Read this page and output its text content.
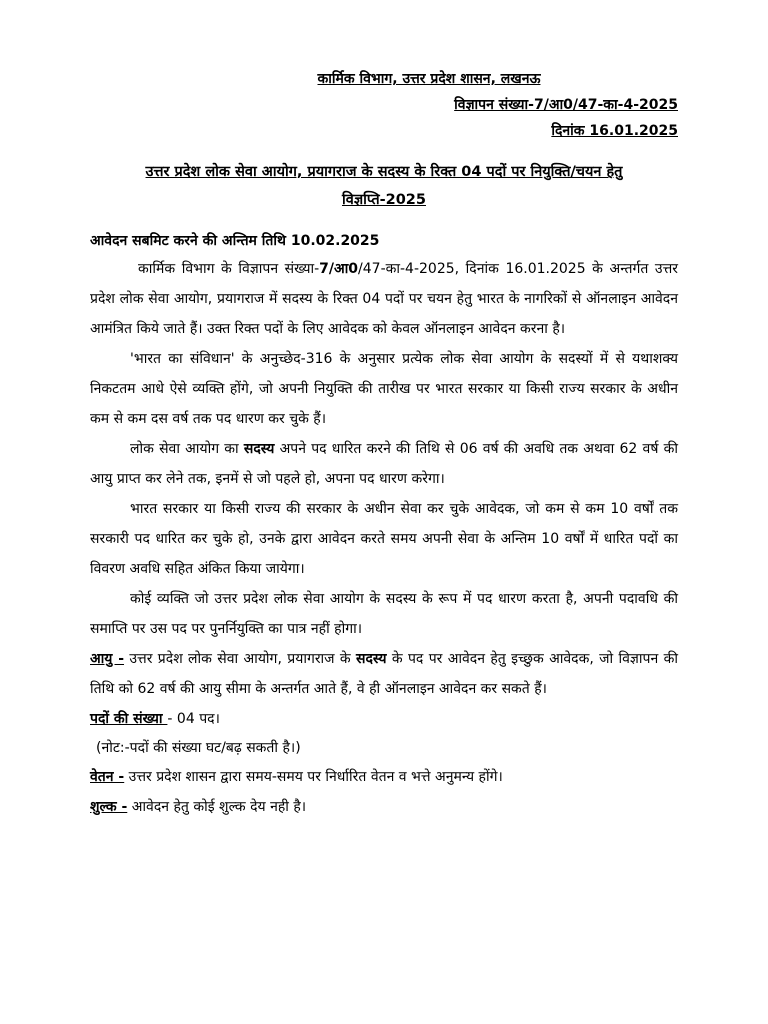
कार्मिक विभाग, उत्तर प्रदेश शासन, लखनऊ
विज्ञापन संख्या-7/आ0/47-का-4-2025
दिनांक 16.01.2025
उत्तर प्रदेश लोक सेवा आयोग, प्रयागराज के सदस्य के रिक्त 04 पदों पर नियुक्ति/चयन हेतु
विज्ञप्ति-2025
आवेदन सबमिट करने की अन्तिम तिथि 10.02.2025
कार्मिक विभाग के विज्ञापन संख्या-7/आ0/47-का-4-2025, दिनांक 16.01.2025 के अन्तर्गत उत्तर प्रदेश लोक सेवा आयोग, प्रयागराज में सदस्य के रिक्त 04 पदों पर चयन हेतु भारत के नागरिकों से ऑनलाइन आवेदन आमंत्रित किये जाते हैं। उक्त रिक्त पदों के लिए आवेदक को केवल ऑनलाइन आवेदन करना है।
'भारत का संविधान' के अनुच्छेद-316 के अनुसार प्रत्येक लोक सेवा आयोग के सदस्यों में से यथाशक्य निकटतम आधे ऐसे व्यक्ति होंगे, जो अपनी नियुक्ति की तारीख पर भारत सरकार या किसी राज्य सरकार के अधीन कम से कम दस वर्ष तक पद धारण कर चुके हैं।
लोक सेवा आयोग का सदस्य अपने पद धारित करने की तिथि से 06 वर्ष की अवधि तक अथवा 62 वर्ष की आयु प्राप्त कर लेने तक, इनमें से जो पहले हो, अपना पद धारण करेगा।
भारत सरकार या किसी राज्य की सरकार के अधीन सेवा कर चुके आवेदक, जो कम से कम 10 वर्षों तक सरकारी पद धारित कर चुके हो, उनके द्वारा आवेदन करते समय अपनी सेवा के अन्तिम 10 वर्षों में धारित पदों का विवरण अवधि सहित अंकित किया जायेगा।
कोई व्यक्ति जो उत्तर प्रदेश लोक सेवा आयोग के सदस्य के रूप में पद धारण करता है, अपनी पदावधि की समाप्ति पर उस पद पर पुनर्नियुक्ति का पात्र नहीं होगा।
आयु - उत्तर प्रदेश लोक सेवा आयोग, प्रयागराज के सदस्य के पद पर आवेदन हेतु इच्छुक आवेदक, जो विज्ञापन की तिथि को 62 वर्ष की आयु सीमा के अन्तर्गत आते हैं, वे ही ऑनलाइन आवेदन कर सकते हैं।
पदों की संख्या - 04 पद।
(नोट:-पदों की संख्या घट/बढ़ सकती है।)
वेतन - उत्तर प्रदेश शासन द्वारा समय-समय पर निर्धारित वेतन व भत्ते अनुमन्य होंगे।
शुल्क - आवेदन हेतु कोई शुल्क देय नही है।
